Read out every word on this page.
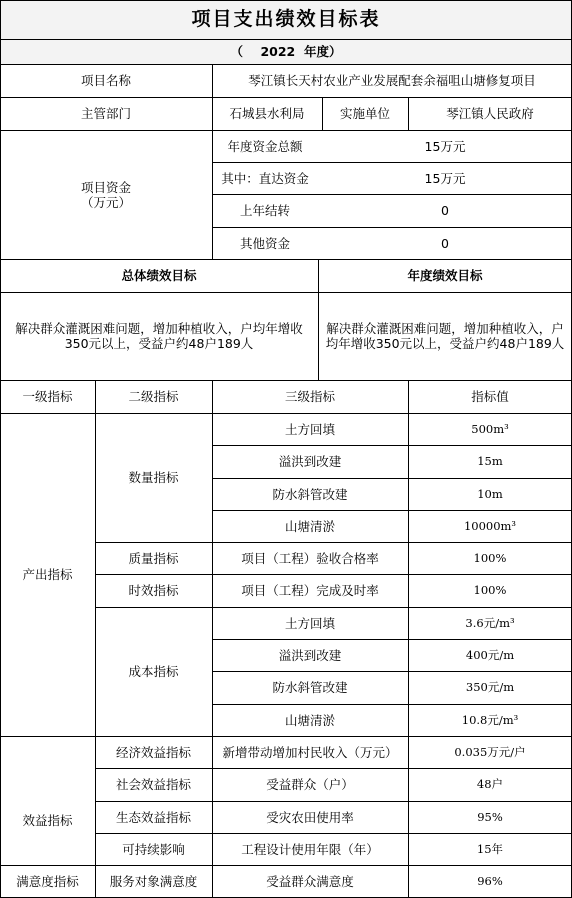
项目支出绩效目标表
（    2022  年度）
项目名称	琴江镇长天村农业产业发展配套余福咀山塘修复项目
主管部门	石城县水利局	实施单位	琴江镇人民政府
项目资金
（万元）
年度资金总额	15万元
其中：直达资金	15万元
上年结转	0
其他资金	0
总体绩效目标	年度绩效目标
解决群众灌溉困难问题，增加种植收入，户均年增收350元以上，受益户约48户189人
解决群众灌溉困难问题，增加种植收入，户均年增收350元以上，受益户约48户189人
一级指标	二级指标	三级指标	指标值
产出指标
数量指标
土方回填	500m³
溢洪到改建	15m
防水斜管改建	10m
山塘清淤	10000m³
质量指标	项目（工程）验收合格率	100%
时效指标	项目（工程）完成及时率	100%
成本指标
土方回填	3.6元/m³
溢洪到改建	400元/m
防水斜管改建	350元/m
山塘清淤	10.8元/m³
效益指标
经济效益指标	新增带动增加村民收入（万元）	0.035万元/户
社会效益指标	受益群众（户）	48户
生态效益指标	受灾农田使用率	95%
可持续影响	工程设计使用年限（年）	15年
满意度指标	服务对象满意度	受益群众满意度	96%
